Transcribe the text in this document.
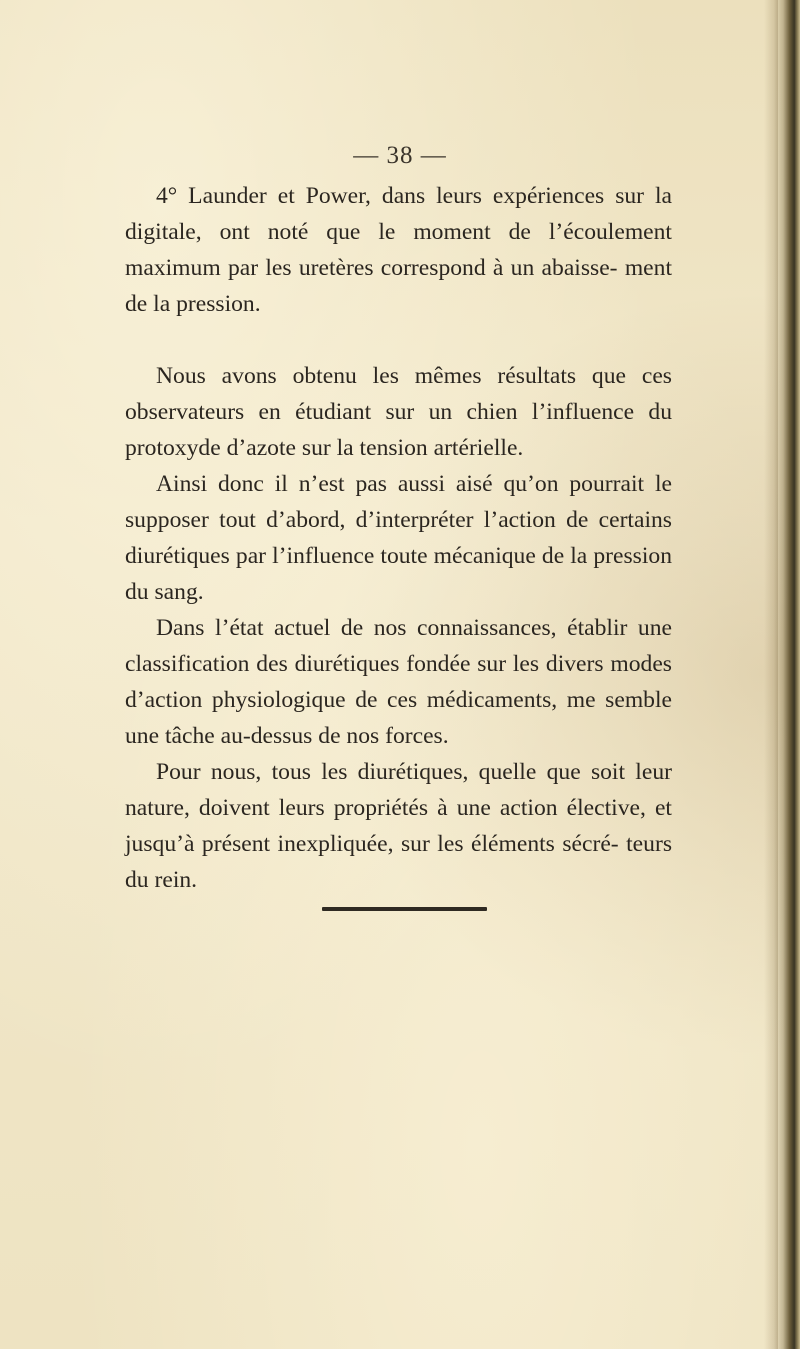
— 38 —

4° Launder et Power, dans leurs expériences sur la digitale, ont noté que le moment de l’écoulement maximum par les uretères correspond à un abaisse- ment de la pression.

Nous avons obtenu les mêmes résultats que ces observateurs en étudiant sur un chien l’influence du protoxyde d’azote sur la tension artérielle.

Ainsi donc il n’est pas aussi aisé qu’on pourrait le supposer tout d’abord, d’interpréter l’action de certains diurétiques par l’influence toute mécanique de la pression du sang.

Dans l’état actuel de nos connaissances, établir une classification des diurétiques fondée sur les divers modes d’action physiologique de ces médicaments, me semble une tâche au-dessus de nos forces.

Pour nous, tous les diurétiques, quelle que soit leur nature, doivent leurs propriétés à une action élective, et jusqu’à présent inexpliquée, sur les éléments sécré- teurs du rein.
